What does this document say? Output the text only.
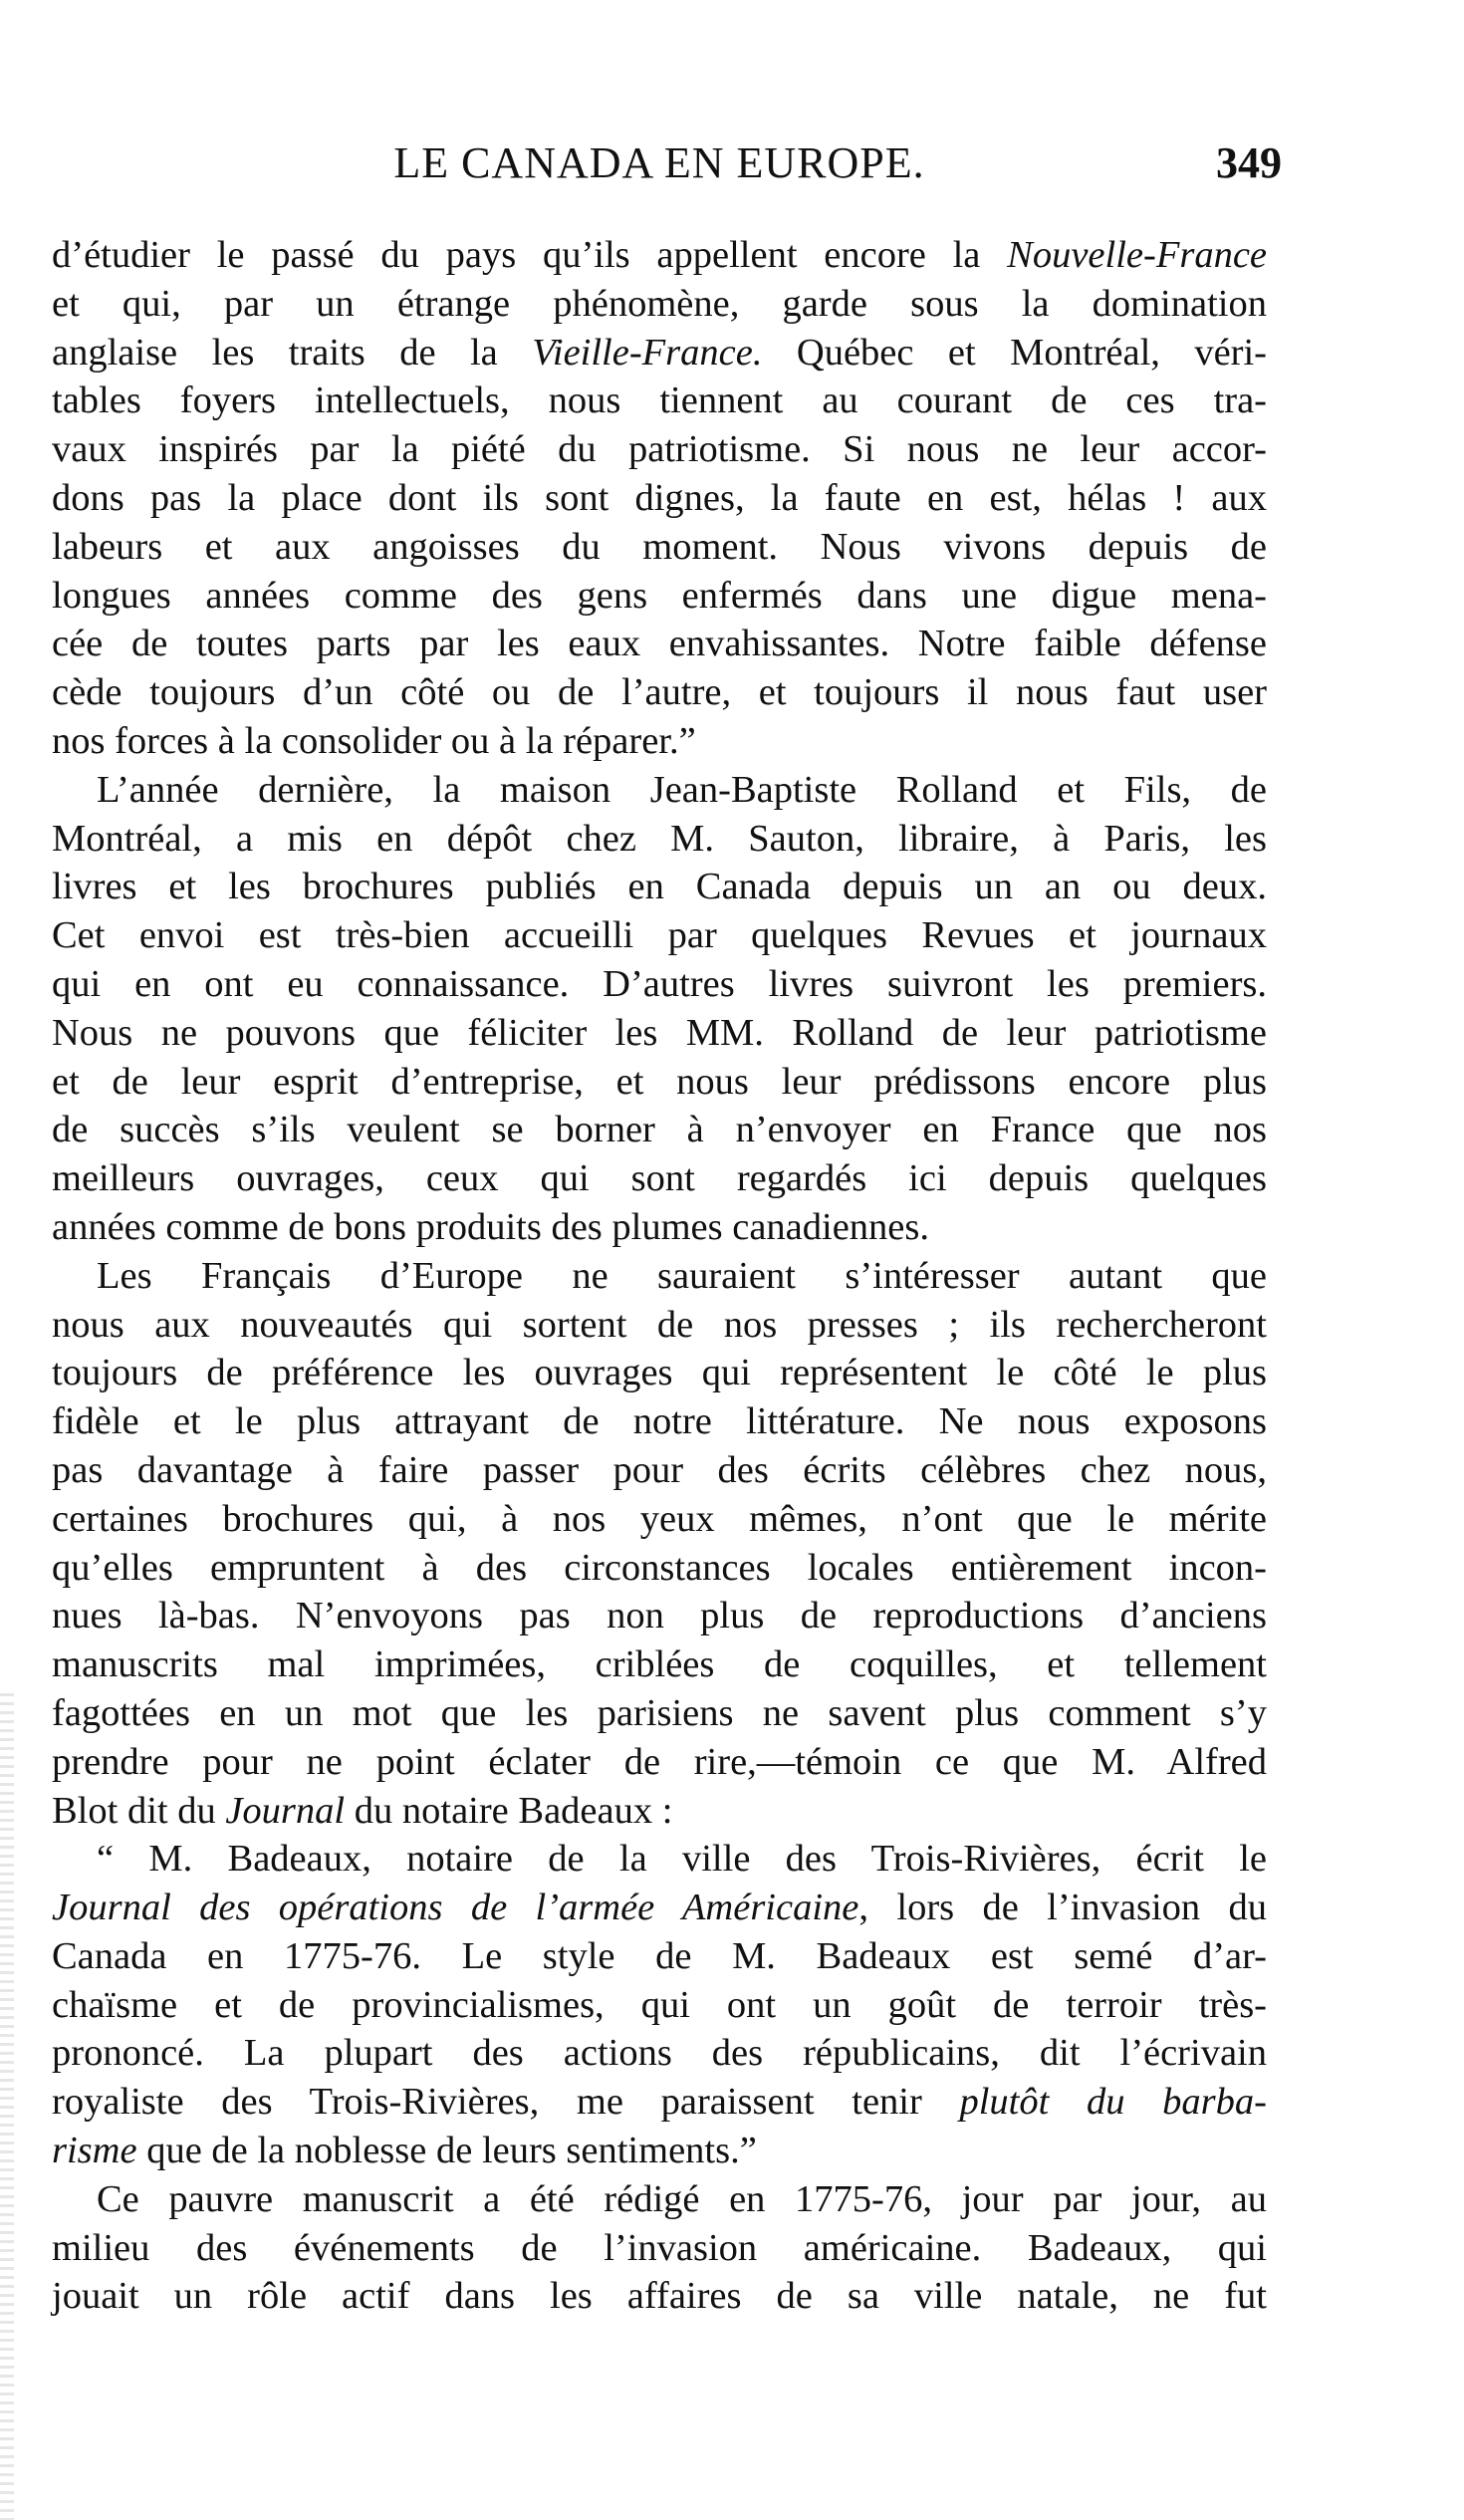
LE CANADA EN EUROPE.	349
d’étudier le passé du pays qu’ils appellent encore la Nouvelle-France
et qui, par un étrange phénomène, garde sous la domination
anglaise les traits de la Vieille-France. Québec et Montréal, véri-
tables foyers intellectuels, nous tiennent au courant de ces tra-
vaux inspirés par la piété du patriotisme. Si nous ne leur accor-
dons pas la place dont ils sont dignes, la faute en est, hélas ! aux
labeurs et aux angoisses du moment. Nous vivons depuis de
longues années comme des gens enfermés dans une digue mena-
cée de toutes parts par les eaux envahissantes. Notre faible défense
cède toujours d’un côté ou de l’autre, et toujours il nous faut user
nos forces à la consolider ou à la réparer.”
L’année dernière, la maison Jean-Baptiste Rolland et Fils, de
Montréal, a mis en dépôt chez M. Sauton, libraire, à Paris, les
livres et les brochures publiés en Canada depuis un an ou deux.
Cet envoi est très-bien accueilli par quelques Revues et journaux
qui en ont eu connaissance. D’autres livres suivront les premiers.
Nous ne pouvons que féliciter les MM. Rolland de leur patriotisme
et de leur esprit d’entreprise, et nous leur prédissons encore plus
de succès s’ils veulent se borner à n’envoyer en France que nos
meilleurs ouvrages, ceux qui sont regardés ici depuis quelques
années comme de bons produits des plumes canadiennes.
Les Français d’Europe ne sauraient s’intéresser autant que
nous aux nouveautés qui sortent de nos presses ; ils rechercheront
toujours de préférence les ouvrages qui représentent le côté le plus
fidèle et le plus attrayant de notre littérature. Ne nous exposons
pas davantage à faire passer pour des écrits célèbres chez nous,
certaines brochures qui, à nos yeux mêmes, n’ont que le mérite
qu’elles empruntent à des circonstances locales entièrement incon-
nues là-bas. N’envoyons pas non plus de reproductions d’anciens
manuscrits mal imprimées, criblées de coquilles, et tellement
fagottées en un mot que les parisiens ne savent plus comment s’y
prendre pour ne point éclater de rire,—témoin ce que M. Alfred
Blot dit du Journal du notaire Badeaux :
“ M. Badeaux, notaire de la ville des Trois-Rivières, écrit le
Journal des opérations de l’armée Américaine, lors de l’invasion du
Canada en 1775-76. Le style de M. Badeaux est semé d’ar-
chaïsme et de provincialismes, qui ont un goût de terroir très-
prononcé. La plupart des actions des républicains, dit l’écrivain
royaliste des Trois-Rivières, me paraissent tenir plutôt du barba-
risme que de la noblesse de leurs sentiments.”
Ce pauvre manuscrit a été rédigé en 1775-76, jour par jour, au
milieu des événements de l’invasion américaine. Badeaux, qui
jouait un rôle actif dans les affaires de sa ville natale, ne fut
